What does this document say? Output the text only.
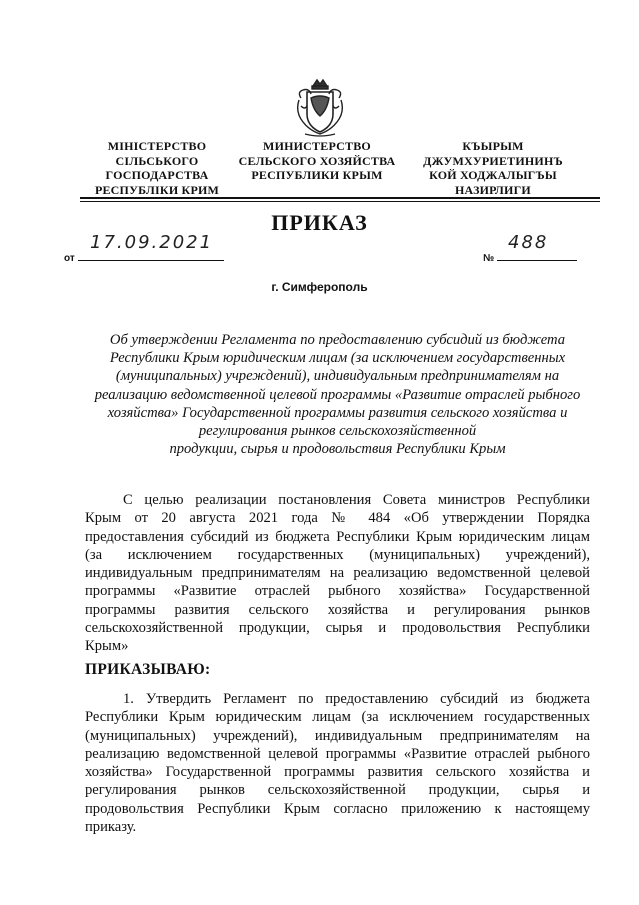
МІНІСТЕРСТВО
СІЛЬСЬКОГО
ГОСПОДАРСТВА
РЕСПУБЛІКИ КРИМ
МИНИСТЕРСТВО
СЕЛЬСКОГО ХОЗЯЙСТВА
РЕСПУБЛИКИ КРЫМ
КЪЫРЫМ
ДЖУМХУРИЕТИНИНЪ
КОЙ ХОДЖАЛЫГЪЫ
НАЗИРЛИГИ
ПРИКАЗ
от
17.09.2021
№
488
г. Симферополь
Об утверждении Регламента по предоставлению субсидий из бюджета
Республики Крым юридическим лицам (за исключением государственных
(муниципальных) учреждений), индивидуальным предпринимателям на
реализацию ведомственной целевой программы «Развитие отраслей рыбного
хозяйства» Государственной программы развития сельского хозяйства и
регулирования рынков сельскохозяйственной
продукции, сырья и продовольствия Республики Крым
С целью реализации постановления Совета министров Республики
Крым от 20 августа 2021 года № 484 «Об утверждении Порядка
предоставления субсидий из бюджета Республики Крым юридическим лицам
(за исключением государственных (муниципальных) учреждений),
индивидуальным предпринимателям на реализацию ведомственной целевой
программы «Развитие отраслей рыбного хозяйства» Государственной
программы развития сельского хозяйства и регулирования рынков
сельскохозяйственной продукции, сырья и продовольствия Республики
Крым»
ПРИКАЗЫВАЮ:
1. Утвердить Регламент по предоставлению субсидий из бюджета
Республики Крым юридическим лицам (за исключением государственных
(муниципальных) учреждений), индивидуальным предпринимателям на
реализацию ведомственной целевой программы «Развитие отраслей рыбного
хозяйства» Государственной программы развития сельского хозяйства и
регулирования рынков сельскохозяйственной продукции, сырья и
продовольствия Республики Крым согласно приложению к настоящему
приказу.
